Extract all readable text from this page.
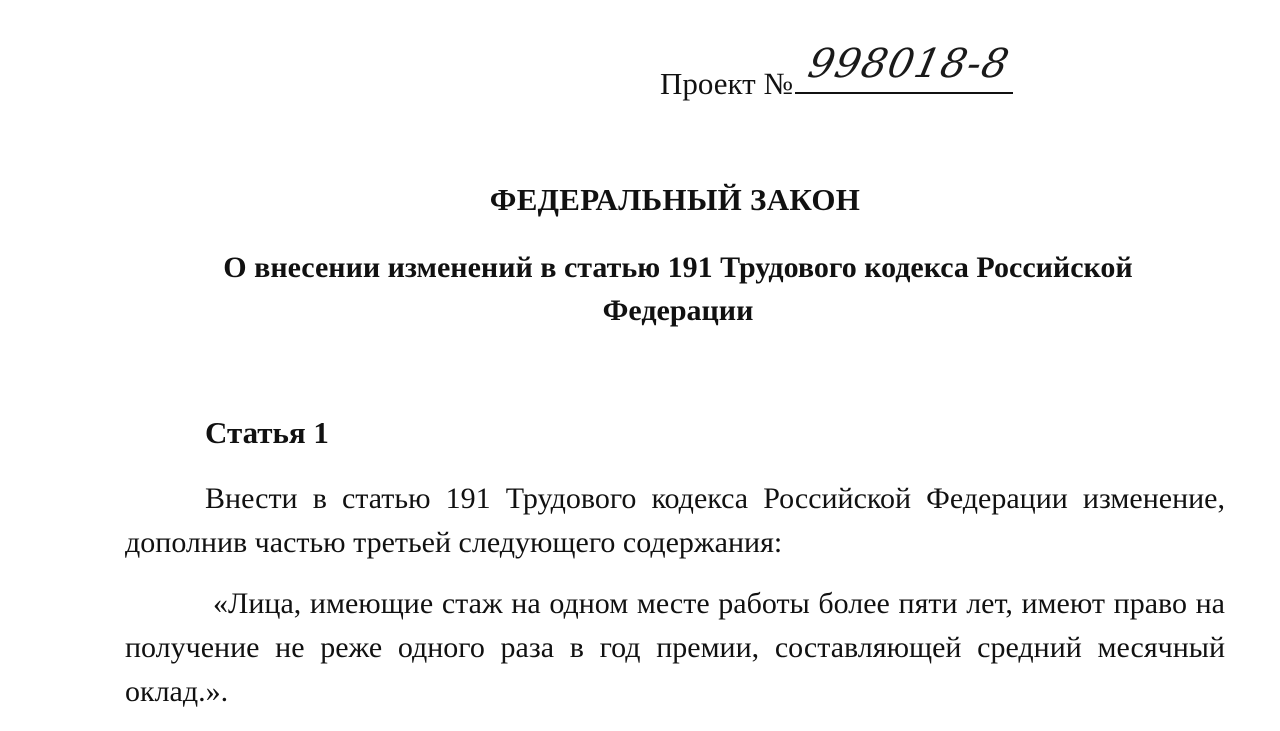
Проект № 998018-8
ФЕДЕРАЛЬНЫЙ ЗАКОН
О внесении изменений в статью 191 Трудового кодекса Российской Федерации
Статья 1
Внести в статью 191 Трудового кодекса Российской Федерации изменение, дополнив частью третьей следующего содержания:
«Лица, имеющие стаж на одном месте работы более пяти лет, имеют право на получение не реже одного раза в год премии, составляющей средний месячный оклад.».
